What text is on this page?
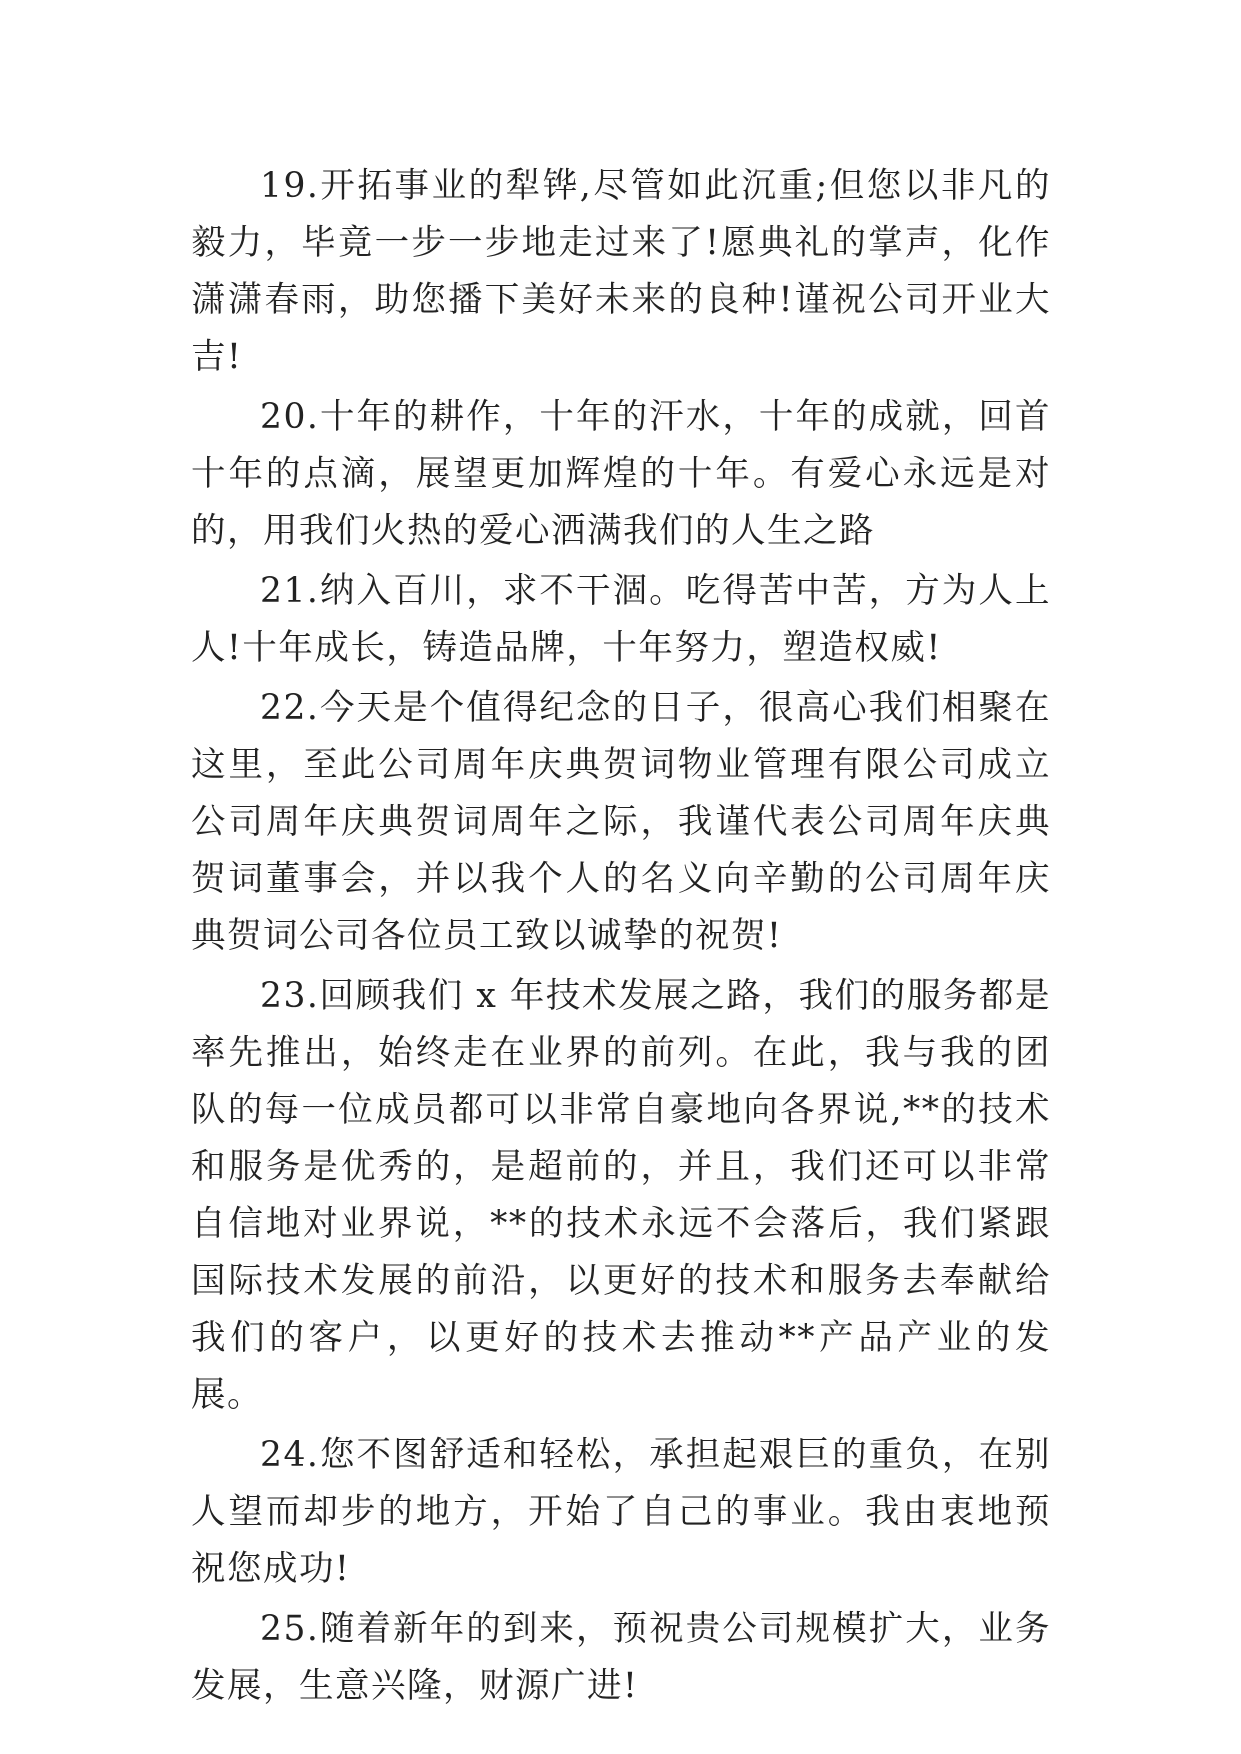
19.开拓事业的犁铧,尽管如此沉重;但您以非凡的毅力，毕竟一步一步地走过来了!愿典礼的掌声，化作潇潇春雨，助您播下美好未来的良种!谨祝公司开业大吉!

20.十年的耕作，十年的汗水，十年的成就，回首十年的点滴，展望更加辉煌的十年。有爱心永远是对的，用我们火热的爱心洒满我们的人生之路

21.纳入百川，求不干涸。吃得苦中苦，方为人上人!十年成长，铸造品牌，十年努力，塑造权威!

22.今天是个值得纪念的日子，很高心我们相聚在这里，至此公司周年庆典贺词物业管理有限公司成立公司周年庆典贺词周年之际，我谨代表公司周年庆典贺词董事会，并以我个人的名义向辛勤的公司周年庆典贺词公司各位员工致以诚挚的祝贺!

23.回顾我们 x 年技术发展之路，我们的服务都是率先推出，始终走在业界的前列。在此，我与我的团队的每一位成员都可以非常自豪地向各界说,**的技术和服务是优秀的，是超前的，并且，我们还可以非常自信地对业界说，**的技术永远不会落后，我们紧跟国际技术发展的前沿，以更好的技术和服务去奉献给我们的客户，以更好的技术去推动**产品产业的发展。

24.您不图舒适和轻松，承担起艰巨的重负，在别人望而却步的地方，开始了自己的事业。我由衷地预祝您成功!

25.随着新年的到来，预祝贵公司规模扩大，业务发展，生意兴隆，财源广进!
